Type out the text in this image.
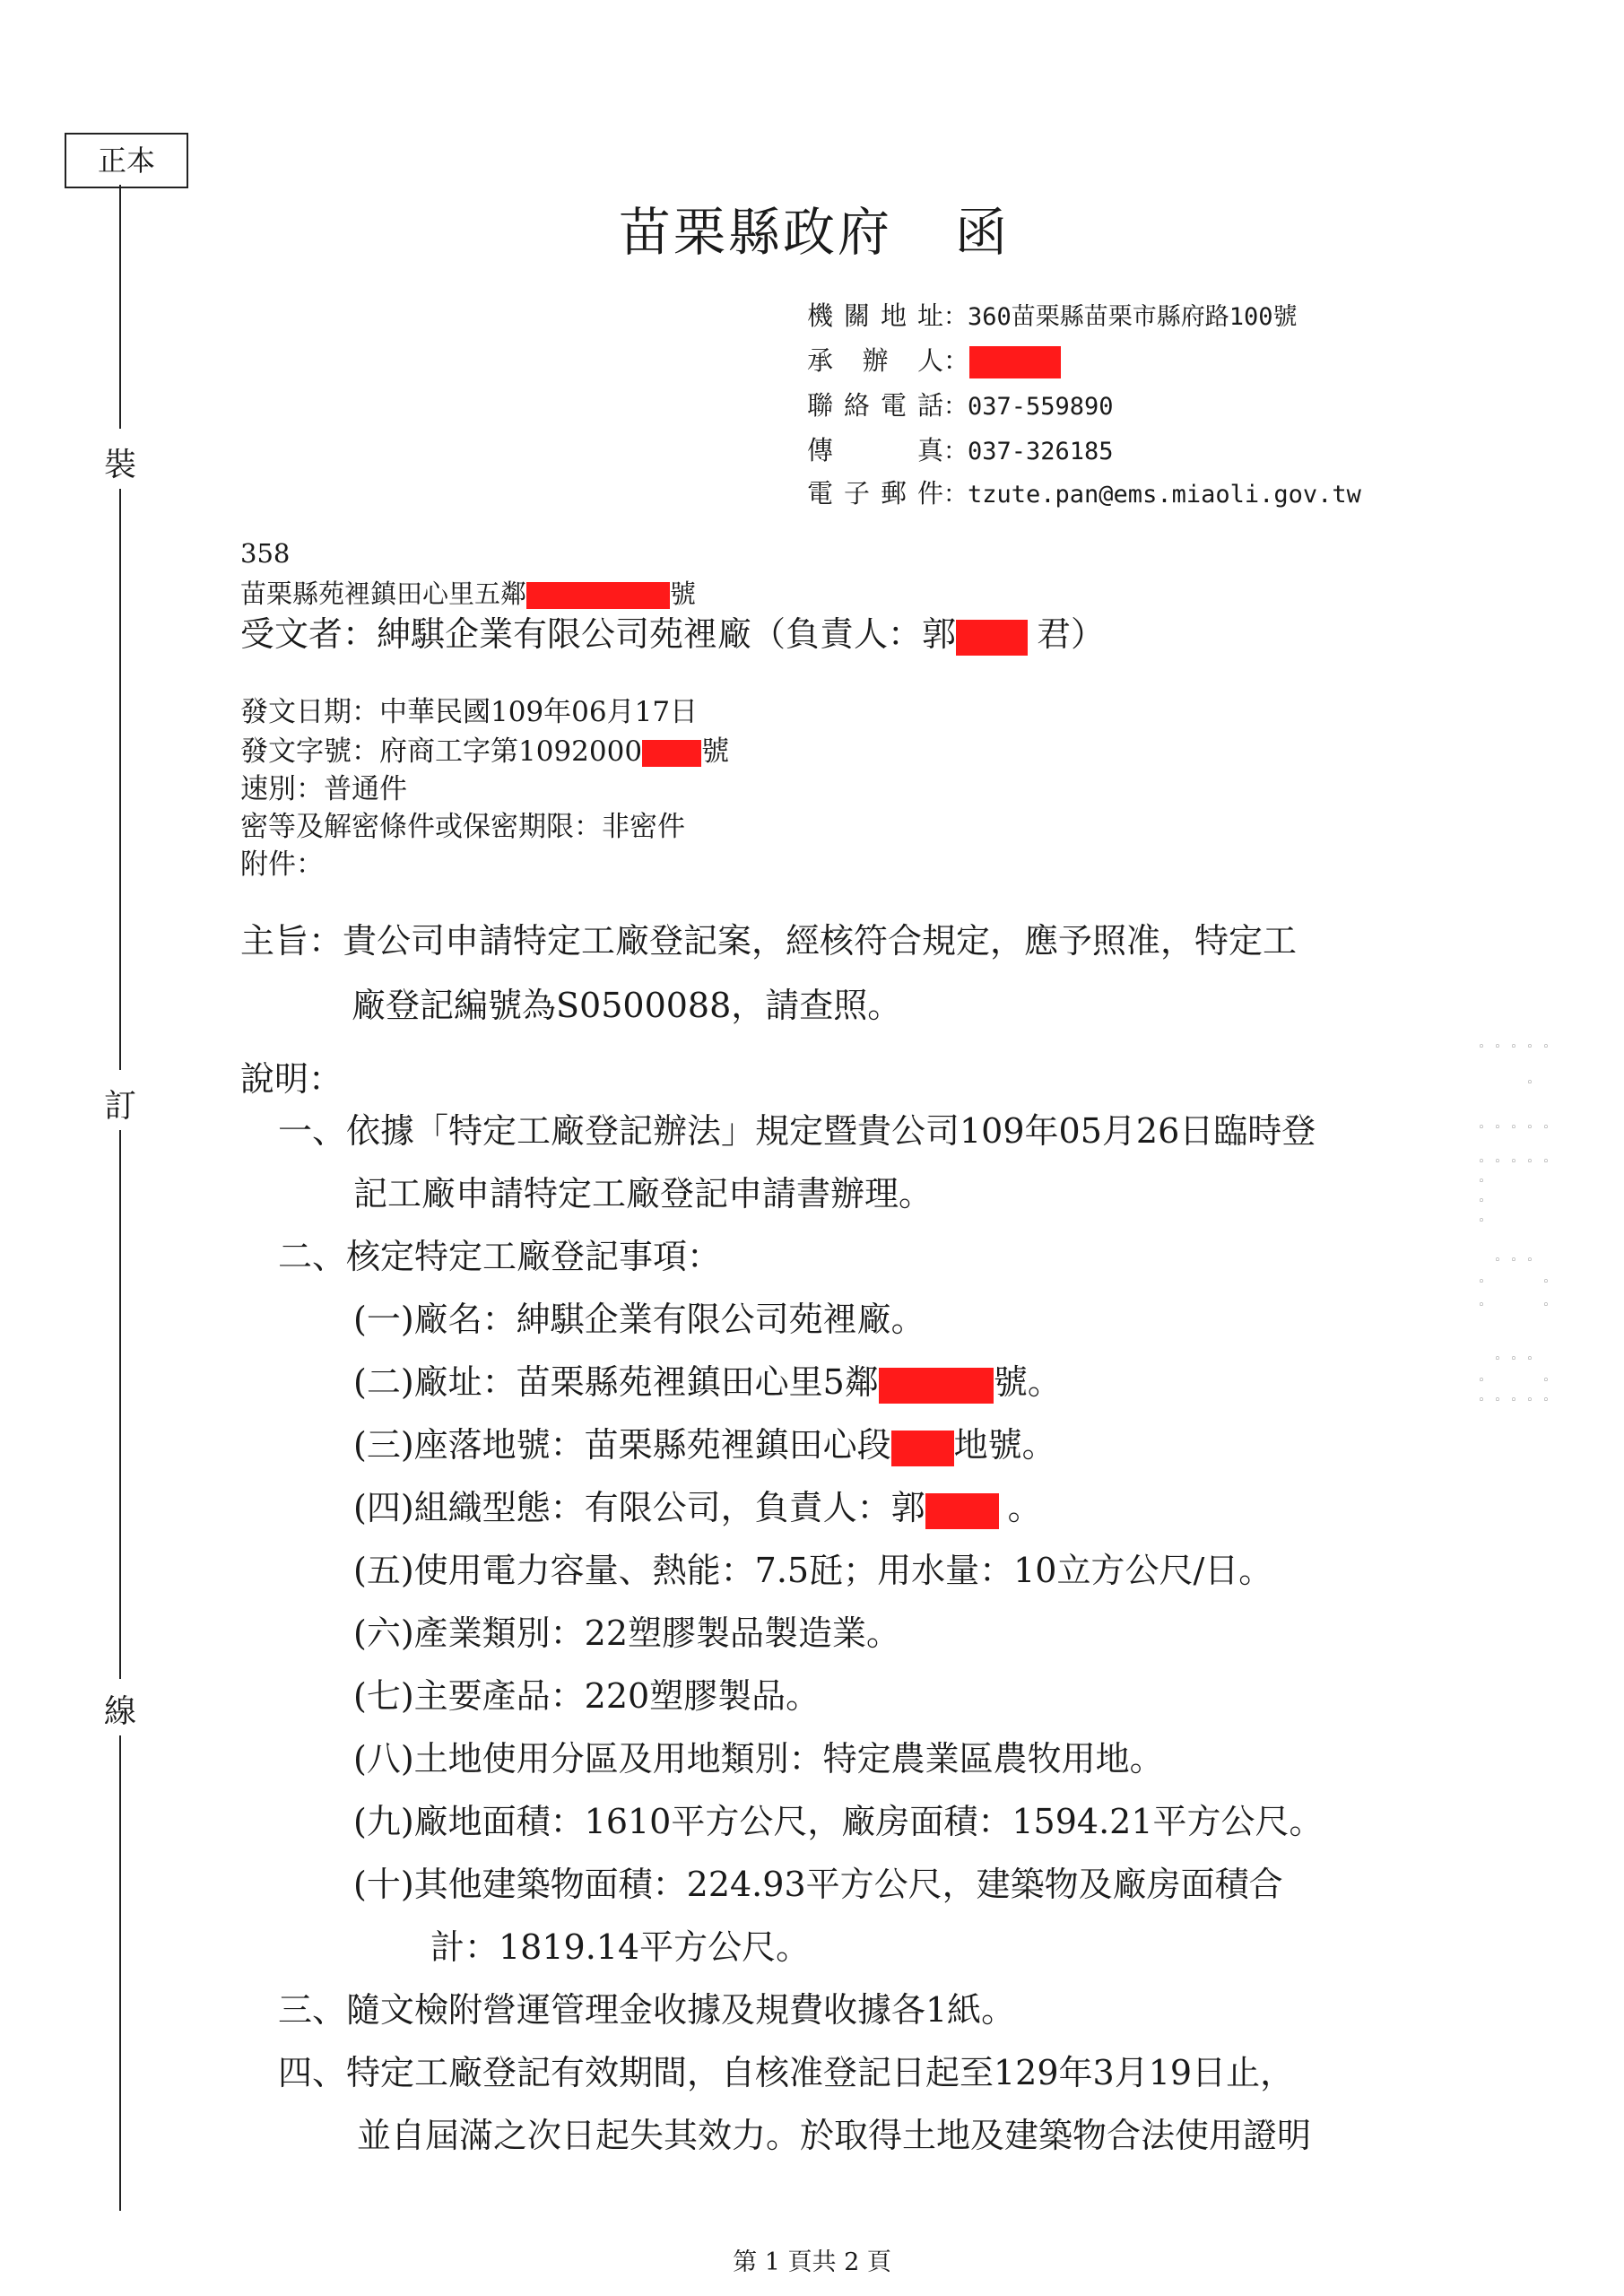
正本
裝
訂
線
苗栗縣政府 函
機關地址：360苗栗縣苗栗市縣府路100號
承 辦 人：
聯絡電話：037-559890
傳　　真：037-326185
電子郵件：tzute.pan@ems.miaoli.gov.tw
358
苗栗縣苑裡鎮田心里五鄰	號
受文者：紳騏企業有限公司苑裡廠（負責人：郭 君）
發文日期：中華民國109年06月17日
發文字號：府商工字第1092000 號
速別：普通件
密等及解密條件或保密期限：非密件
附件：
主旨：貴公司申請特定工廠登記案，經核符合規定，應予照准，特定工
廠登記編號為S0500088，請查照。
說明：
一、依據「特定工廠登記辦法」規定暨貴公司109年05月26日臨時登
記工廠申請特定工廠登記申請書辦理。
二、核定特定工廠登記事項：
(一)廠名：紳騏企業有限公司苑裡廠。
(二)廠址：苗栗縣苑裡鎮田心里5鄰	號。
(三)座落地號：苗栗縣苑裡鎮田心段 地號。
(四)組織型態：有限公司，負責人：郭 。
(五)使用電力容量、熱能：7.5瓩；用水量：10立方公尺/日。
(六)產業類別：22塑膠製品製造業。
(七)主要產品：220塑膠製品。
(八)土地使用分區及用地類別：特定農業區農牧用地。
(九)廠地面積：1610平方公尺，廠房面積：1594.21平方公尺。
(十)其他建築物面積：224.93平方公尺，建築物及廠房面積合
計：1819.14平方公尺。
三、隨文檢附營運管理金收據及規費收據各1紙。
四、特定工廠登記有效期間，自核准登記日起至129年3月19日止，
並自屆滿之次日起失其效力。於取得土地及建築物合法使用證明
◦ ◦ ◦ ◦ ◦
◦
◦ ◦ ◦ ◦ ◦
◦ ◦ ◦ ◦ ◦
◦
◦
◦
◦ ◦ ◦
◦	◦
◦	◦
◦ ◦ ◦
◦	◦
◦ ◦ ◦ ◦ ◦
第 1 頁共 2 頁
